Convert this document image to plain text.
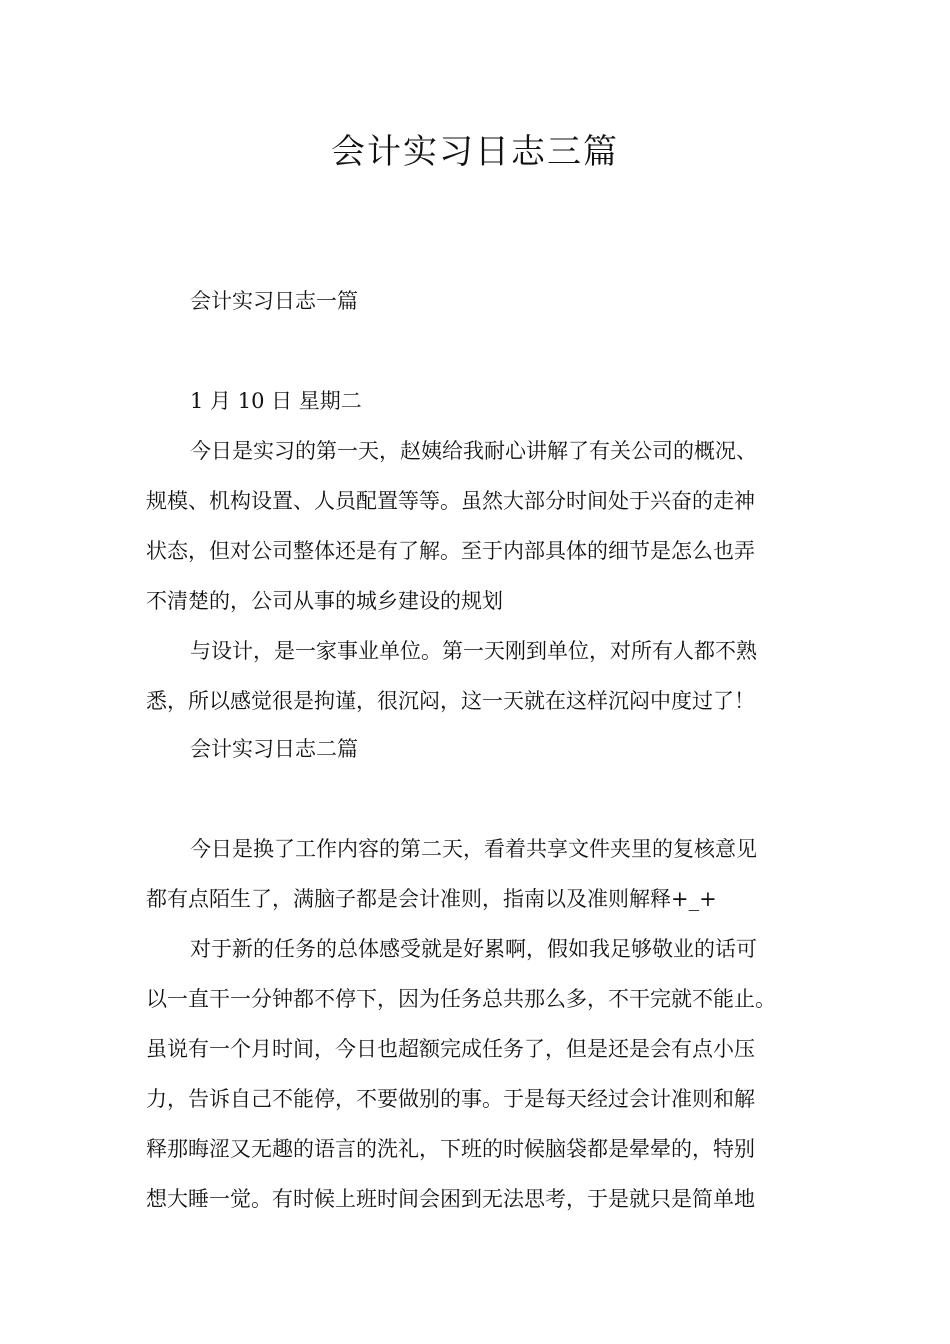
会计实习日志三篇

会计实习日志一篇

1 月 10 日 星期二

今日是实习的第一天，赵姨给我耐心讲解了有关公司的概况、

规模、机构设置、人员配置等等。虽然大部分时间处于兴奋的走神

状态，但对公司整体还是有了解。至于内部具体的细节是怎么也弄

不清楚的，公司从事的城乡建设的规划

与设计，是一家事业单位。第一天刚到单位，对所有人都不熟

悉，所以感觉很是拘谨，很沉闷，这一天就在这样沉闷中度过了！

会计实习日志二篇

今日是换了工作内容的第二天，看着共享文件夹里的复核意见

都有点陌生了，满脑子都是会计准则，指南以及准则解释+_+

对于新的任务的总体感受就是好累啊，假如我足够敬业的话可

以一直干一分钟都不停下，因为任务总共那么多，不干完就不能止。

虽说有一个月时间，今日也超额完成任务了，但是还是会有点小压

力，告诉自己不能停，不要做别的事。于是每天经过会计准则和解

释那晦涩又无趣的语言的洗礼，下班的时候脑袋都是晕晕的，特别

想大睡一觉。有时候上班时间会困到无法思考，于是就只是简单地
